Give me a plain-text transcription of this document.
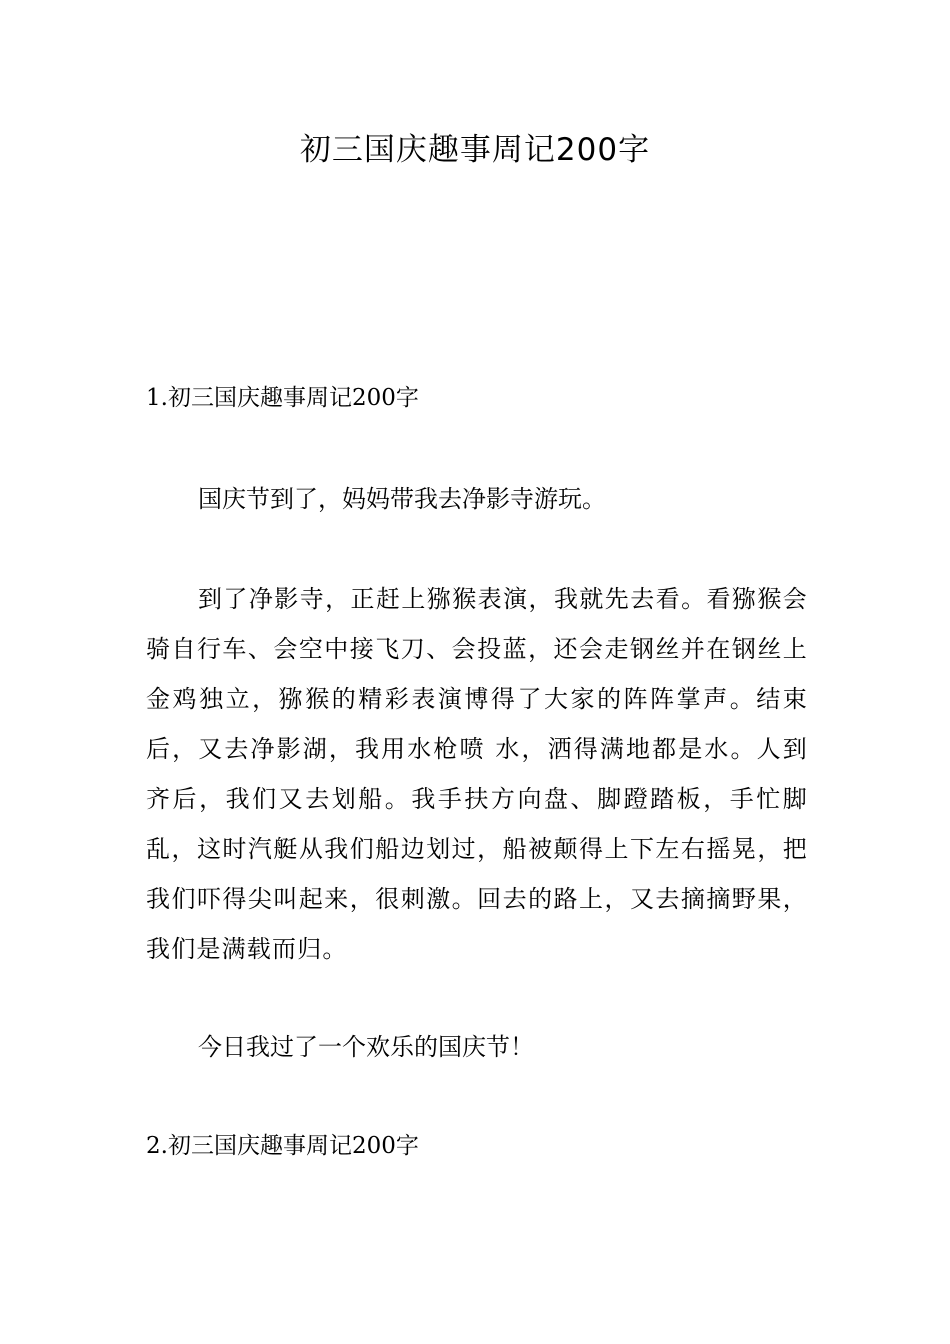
初三国庆趣事周记200字

1.初三国庆趣事周记200字

国庆节到了，妈妈带我去净影寺游玩。

到了净影寺，正赶上猕猴表演，我就先去看。看猕猴会骑自行车、会空中接飞刀、会投蓝，还会走钢丝并在钢丝上金鸡独立，猕猴的精彩表演博得了大家的阵阵掌声。结束后，又去净影湖，我用水枪喷 水，洒得满地都是水。人到齐后，我们又去划船。我手扶方向盘、脚蹬踏板，手忙脚乱，这时汽艇从我们船边划过，船被颠得上下左右摇晃，把我们吓得尖叫起来，很刺激。回去的路上，又去摘摘野果，我们是满载而归。

今日我过了一个欢乐的国庆节！

2.初三国庆趣事周记200字
